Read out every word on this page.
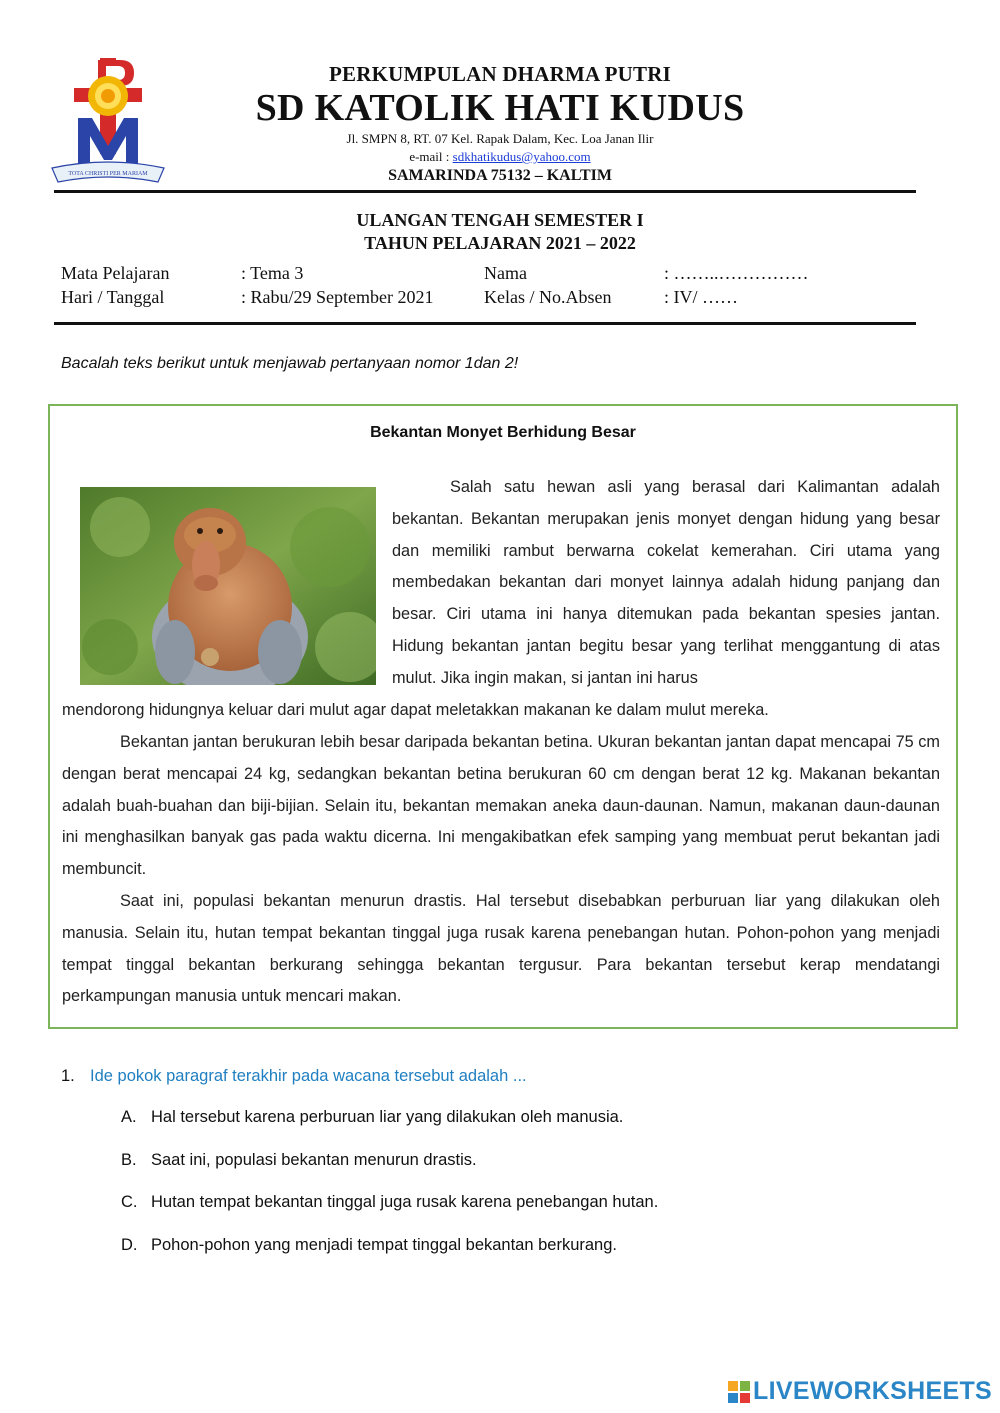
TOTA CHRISTI PER MARIAM
PERKUMPULAN DHARMA PUTRI
SD KATOLIK HATI KUDUS
Jl. SMPN 8, RT. 07 Kel. Rapak Dalam, Kec. Loa Janan Ilir
e-mail : sdkhatikudus@yahoo.com
SAMARINDA 75132 – KALTIM
ULANGAN TENGAH SEMESTER I
TAHUN PELAJARAN 2021 – 2022
Mata Pelajaran	: Tema 3	Nama	: ……..……………
Hari / Tanggal	: Rabu/29 September 2021	Kelas / No.Absen	: IV/ ……
Bacalah teks berikut untuk menjawab pertanyaan nomor 1dan 2!
Bekantan Monyet Berhidung Besar
Salah satu hewan asli yang berasal dari Kalimantan adalah bekantan. Bekantan merupakan jenis monyet dengan hidung yang besar dan memiliki rambut berwarna cokelat kemerahan. Ciri utama yang membedakan bekantan dari monyet lainnya adalah hidung panjang dan besar. Ciri utama ini hanya ditemukan pada bekantan spesies jantan. Hidung bekantan jantan begitu besar yang terlihat menggantung di atas mulut. Jika ingin makan, si jantan ini harus
mendorong hidungnya keluar dari mulut agar dapat meletakkan makanan ke dalam mulut mereka.
Bekantan jantan berukuran lebih besar daripada bekantan betina. Ukuran bekantan jantan dapat mencapai 75 cm dengan berat mencapai 24 kg, sedangkan bekantan betina berukuran 60 cm dengan berat 12 kg. Makanan bekantan adalah buah-buahan dan biji-bijian. Selain itu, bekantan memakan aneka daun-daunan. Namun, makanan daun-daunan ini menghasilkan banyak gas pada waktu dicerna. Ini mengakibatkan efek samping yang membuat perut bekantan jadi membuncit.
Saat ini, populasi bekantan menurun drastis. Hal tersebut disebabkan perburuan liar yang dilakukan oleh manusia. Selain itu, hutan tempat bekantan tinggal juga rusak karena penebangan hutan. Pohon-pohon yang menjadi tempat tinggal bekantan berkurang sehingga bekantan tergusur. Para bekantan tersebut kerap mendatangi perkampungan manusia untuk mencari makan.
1. Ide pokok paragraf terakhir pada wacana tersebut adalah ...
A. Hal tersebut karena perburuan liar yang dilakukan oleh manusia.
B. Saat ini, populasi bekantan menurun drastis.
C. Hutan tempat bekantan tinggal juga rusak karena penebangan hutan.
D. Pohon-pohon yang menjadi tempat tinggal bekantan berkurang.
LIVEWORKSHEETS
